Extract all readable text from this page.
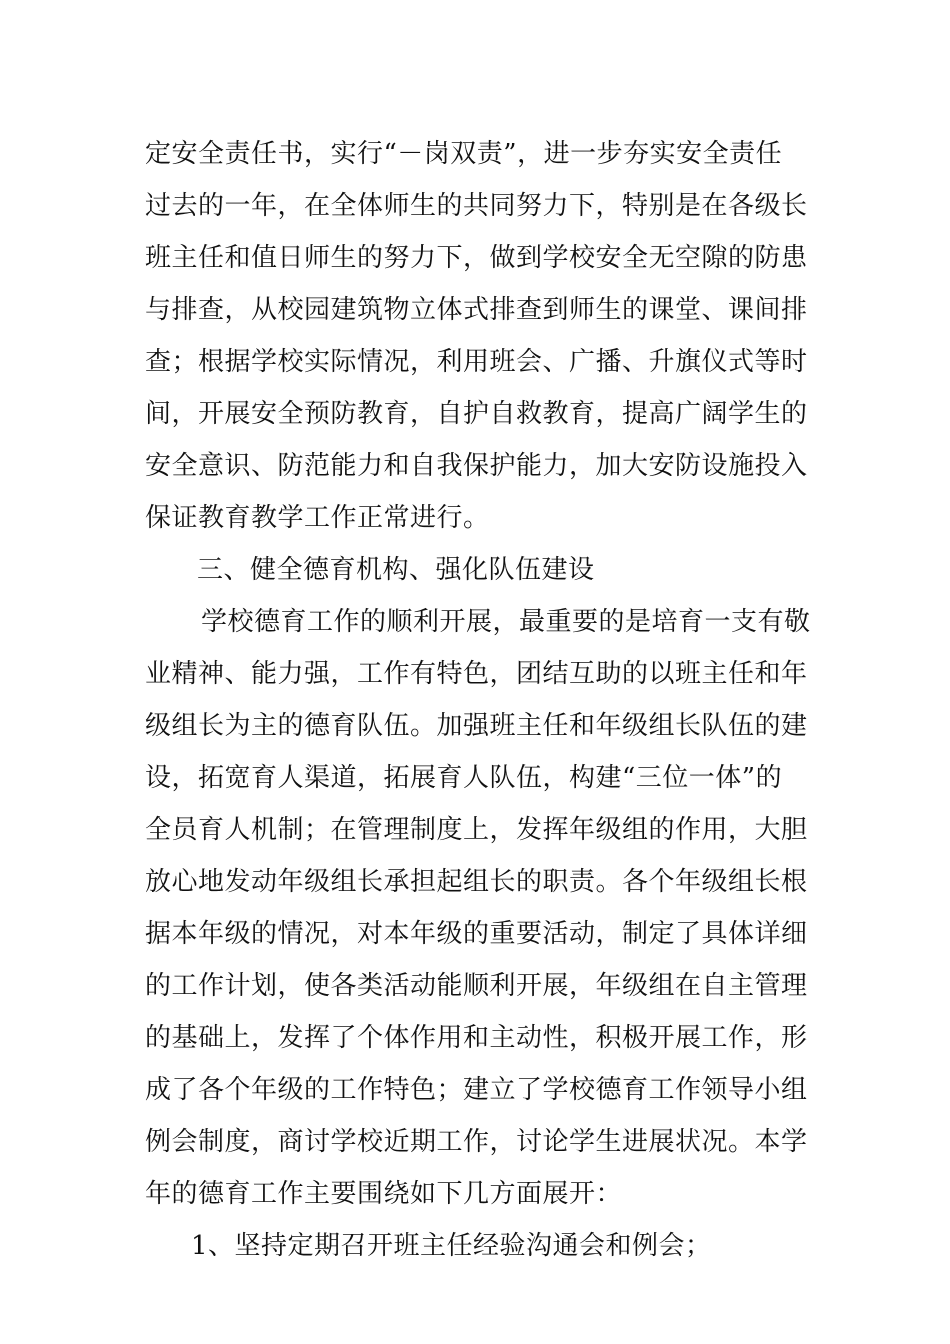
定安全责任书，实行“－岗双责”，进一步夯实安全责任
过去的一年，在全体师生的共同努力下，特别是在各级长
班主任和值日师生的努力下，做到学校安全无空隙的防患
与排查，从校园建筑物立体式排查到师生的课堂、课间排
查；根据学校实际情况，利用班会、广播、升旗仪式等时
间，开展安全预防教育，自护自救教育，提高广阔学生的
安全意识、防范能力和自我保护能力，加大安防设施投入
保证教育教学工作正常进行。
三、健全德育机构、强化队伍建设
学校德育工作的顺利开展，最重要的是培育一支有敬
业精神、能力强，工作有特色，团结互助的以班主任和年
级组长为主的德育队伍。加强班主任和年级组长队伍的建
设，拓宽育人渠道，拓展育人队伍，构建“三位一体”的
全员育人机制；在管理制度上，发挥年级组的作用，大胆
放心地发动年级组长承担起组长的职责。各个年级组长根
据本年级的情况，对本年级的重要活动，制定了具体详细
的工作计划，使各类活动能顺利开展，年级组在自主管理
的基础上，发挥了个体作用和主动性，积极开展工作，形
成了各个年级的工作特色；建立了学校德育工作领导小组
例会制度，商讨学校近期工作，讨论学生进展状况。本学
年的德育工作主要围绕如下几方面展开：
1、坚持定期召开班主任经验沟通会和例会；
